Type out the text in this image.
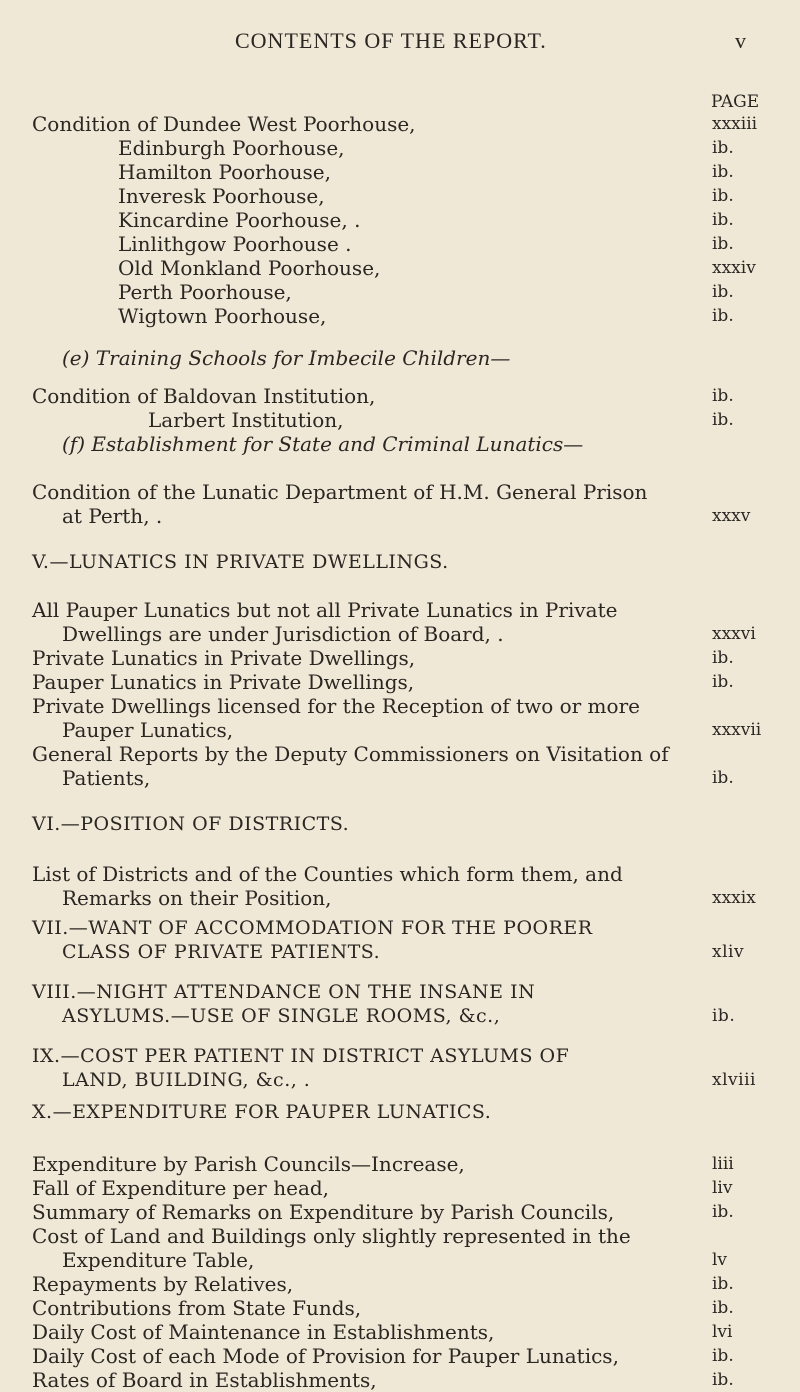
CONTENTS OF THE REPORT.	v
PAGE
Condition of Dundee West Poorhouse,	xxxiii
Edinburgh Poorhouse,	ib.
Hamilton Poorhouse,	ib.
Inveresk Poorhouse,	ib.
Kincardine Poorhouse, .	ib.
Linlithgow Poorhouse .	ib.
Old Monkland Poorhouse,	xxxiv
Perth Poorhouse,	ib.
Wigtown Poorhouse,	ib.
(e) Training Schools for Imbecile Children—
Condition of Baldovan Institution,	ib.
Larbert Institution,	ib.
(f) Establishment for State and Criminal Lunatics—
Condition of the Lunatic Department of H.M. General Prison
at Perth, .	xxxv
V.—LUNATICS IN PRIVATE DWELLINGS.
All Pauper Lunatics but not all Private Lunatics in Private
Dwellings are under Jurisdiction of Board, .	xxxvi
Private Lunatics in Private Dwellings,	ib.
Pauper Lunatics in Private Dwellings,	ib.
Private Dwellings licensed for the Reception of two or more
Pauper Lunatics,	xxxvii
General Reports by the Deputy Commissioners on Visitation of
Patients,	ib.
VI.—POSITION OF DISTRICTS.
List of Districts and of the Counties which form them, and
Remarks on their Position,	xxxix
VII.—WANT OF ACCOMMODATION FOR THE POORER
CLASS OF PRIVATE PATIENTS.	xliv
VIII.—NIGHT ATTENDANCE ON THE INSANE IN
ASYLUMS.—USE OF SINGLE ROOMS, &c.,	ib.
IX.—COST PER PATIENT IN DISTRICT ASYLUMS OF
LAND, BUILDING, &c., .	xlviii
X.—EXPENDITURE FOR PAUPER LUNATICS.
Expenditure by Parish Councils—Increase,	liii
Fall of Expenditure per head,	liv
Summary of Remarks on Expenditure by Parish Councils,	ib.
Cost of Land and Buildings only slightly represented in the
Expenditure Table,	lv
Repayments by Relatives,	ib.
Contributions from State Funds,	ib.
Daily Cost of Maintenance in Establishments,	lvi
Daily Cost of each Mode of Provision for Pauper Lunatics,	ib.
Rates of Board in Establishments,	ib.
